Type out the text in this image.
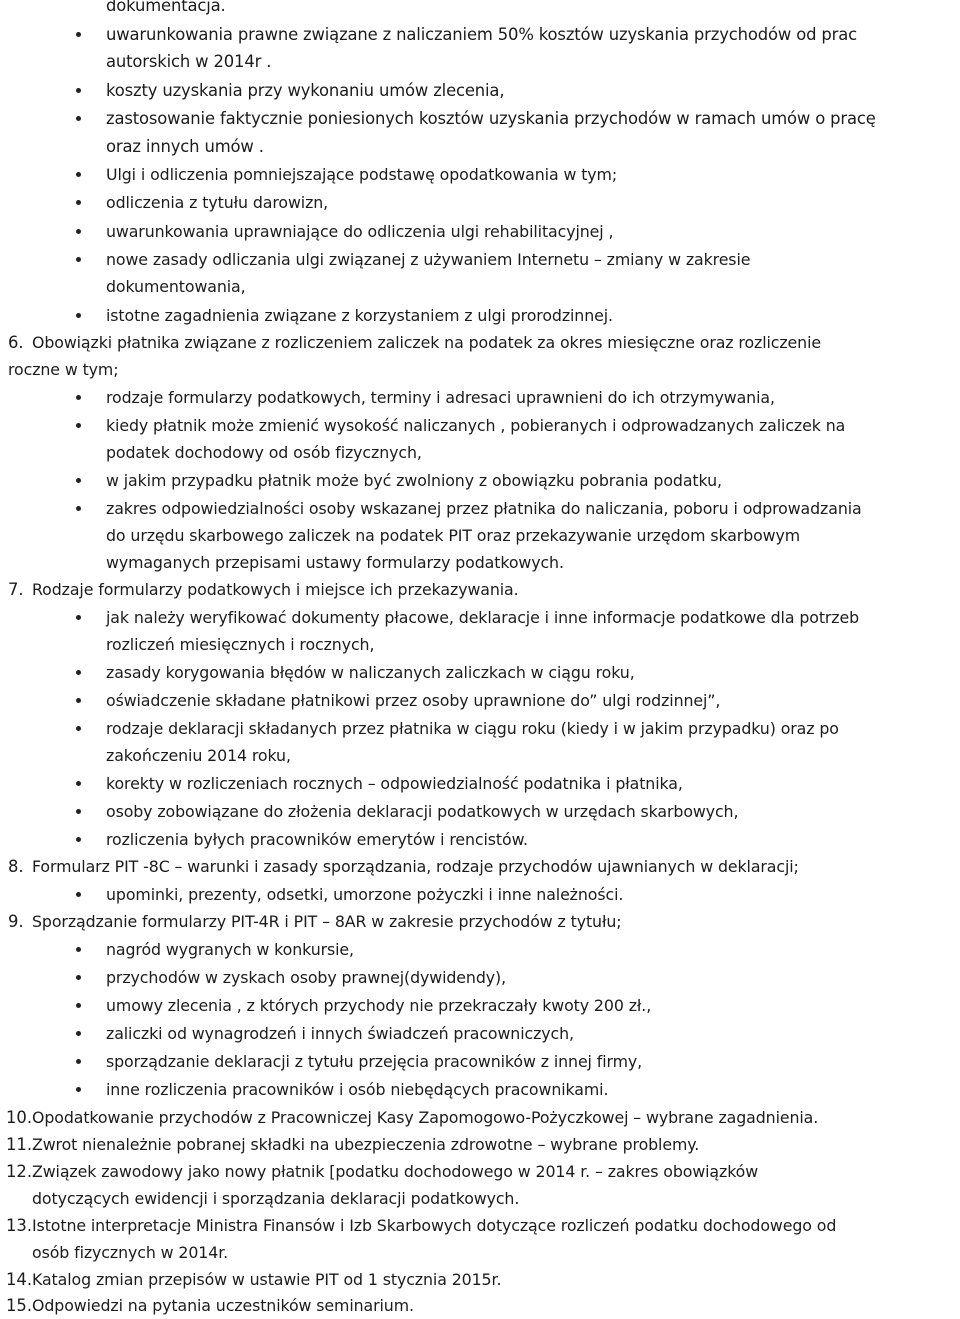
dokumentacja.

uwarunkowania prawne związane z naliczaniem 50% kosztów uzyskania przychodów od prac

autorskich w 2014r .

koszty uzyskania przy wykonaniu umów zlecenia,

zastosowanie faktycznie poniesionych kosztów uzyskania przychodów w ramach umów o pracę

oraz innych umów .

Ulgi i odliczenia pomniejszające podstawę opodatkowania w tym;

odliczenia z tytułu darowizn,

uwarunkowania uprawniające do odliczenia ulgi rehabilitacyjnej ,

nowe zasady odliczania ulgi związanej z używaniem Internetu – zmiany w zakresie

dokumentowania,

istotne zagadnienia związane z korzystaniem z ulgi prorodzinnej.

6. Obowiązki płatnika związane z rozliczeniem zaliczek na podatek za okres miesięczne oraz rozliczenie

roczne w tym;

rodzaje formularzy podatkowych, terminy i adresaci uprawnieni do ich otrzymywania,

kiedy płatnik może zmienić wysokość naliczanych , pobieranych i odprowadzanych zaliczek na

podatek dochodowy od osób fizycznych,

w jakim przypadku płatnik może być zwolniony z obowiązku pobrania podatku,

zakres odpowiedzialności osoby wskazanej przez płatnika do naliczania, poboru i odprowadzania

do urzędu skarbowego zaliczek na podatek PIT oraz przekazywanie urzędom skarbowym

wymaganych przepisami ustawy formularzy podatkowych.

7. Rodzaje formularzy podatkowych i miejsce ich przekazywania.

jak należy weryfikować dokumenty płacowe, deklaracje i inne informacje podatkowe dla potrzeb

rozliczeń miesięcznych i rocznych,

zasady korygowania błędów w naliczanych zaliczkach w ciągu roku,

oświadczenie składane płatnikowi przez osoby uprawnione do” ulgi rodzinnej”,

rodzaje deklaracji składanych przez płatnika w ciągu roku (kiedy i w jakim przypadku) oraz po

zakończeniu 2014 roku,

korekty w rozliczeniach rocznych – odpowiedzialność podatnika i płatnika,

osoby zobowiązane do złożenia deklaracji podatkowych w urzędach skarbowych,

rozliczenia byłych pracowników emerytów i rencistów.

8. Formularz PIT -8C – warunki i zasady sporządzania, rodzaje przychodów ujawnianych w deklaracji;

upominki, prezenty, odsetki, umorzone pożyczki i inne należności.

9. Sporządzanie formularzy PIT-4R i PIT – 8AR w zakresie przychodów z tytułu;

nagród wygranych w konkursie,

przychodów w zyskach osoby prawnej(dywidendy),

umowy zlecenia , z których przychody nie przekraczały kwoty 200 zł.,

zaliczki od wynagrodzeń i innych świadczeń pracowniczych,

sporządzanie deklaracji z tytułu przejęcia pracowników z innej firmy,

inne rozliczenia pracowników i osób niebędących pracownikami.

10. Opodatkowanie przychodów z Pracowniczej Kasy Zapomogowo-Pożyczkowej – wybrane zagadnienia.

11. Zwrot nienależnie pobranej składki na ubezpieczenia zdrowotne – wybrane problemy.

12. Związek zawodowy jako nowy płatnik [podatku dochodowego w 2014 r. – zakres obowiązków

dotyczących ewidencji i sporządzania deklaracji podatkowych.

13. Istotne interpretacje Ministra Finansów i Izb Skarbowych dotyczące rozliczeń podatku dochodowego od

osób fizycznych w 2014r.

14. Katalog zmian przepisów w ustawie PIT od 1 stycznia 2015r.

15. Odpowiedzi na pytania uczestników seminarium.
